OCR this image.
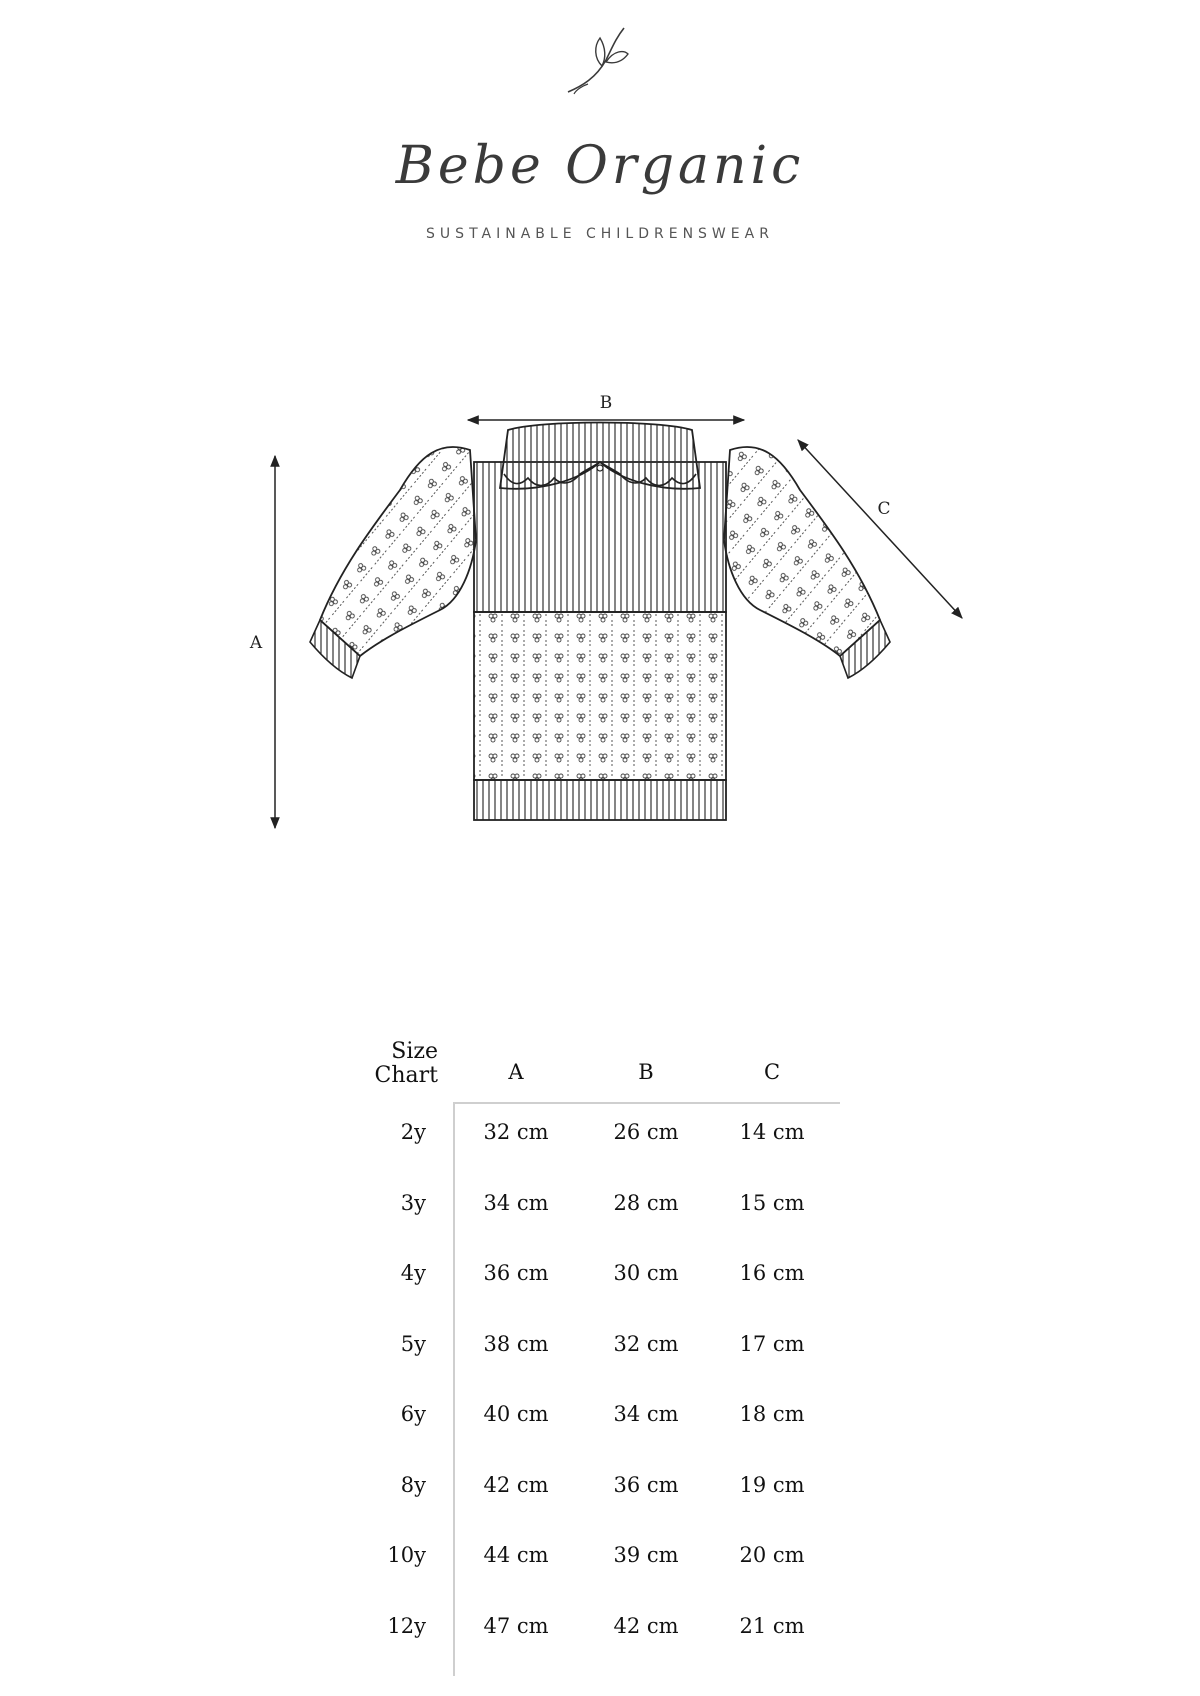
Bebe Organic
SUSTAINABLE CHILDRENSWEAR
B
A
C
Size
Chart	A	B	C
2y	32 cm	26 cm	14 cm
3y	34 cm	28 cm	15 cm
4y	36 cm	30 cm	16 cm
5y	38 cm	32 cm	17 cm
6y	40 cm	34 cm	18 cm
8y	42 cm	36 cm	19 cm
10y	44 cm	39 cm	20 cm
12y	47 cm	42 cm	21 cm
